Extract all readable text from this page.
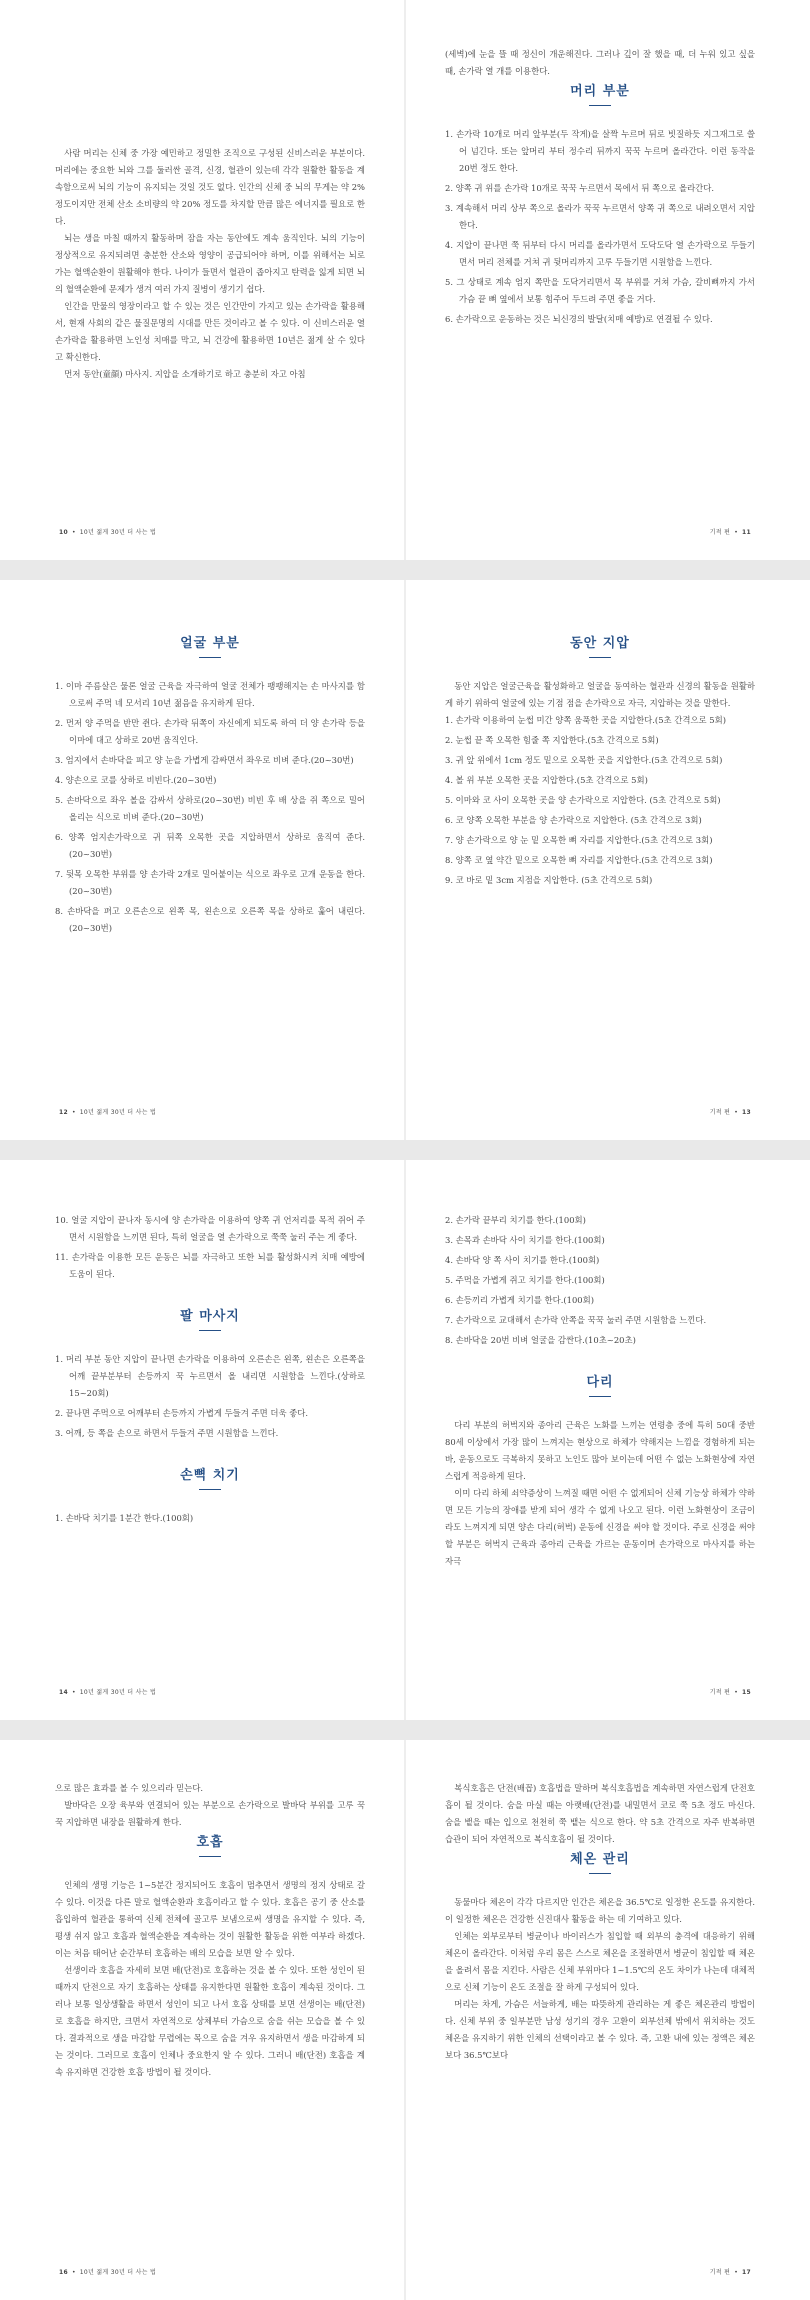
사람 머리는 신체 중 가장 예민하고 정밀한 조직으로 구성된 신비스러운 부분이다. 머리에는 중요한 뇌와 그를 둘러싼 골격, 신경, 혈관이 있는데 각각 원활한 활동을 계속함으로써 뇌의 기능이 유지되는 것일 것도 없다. 인간의 신체 중 뇌의 무게는 약 2% 정도이지만 전체 산소 소비량의 약 20% 정도를 차지할 만큼 많은 에너지를 필요로 한다.

뇌는 생을 마칠 때까지 활동하며 잠을 자는 동안에도 계속 움직인다. 뇌의 기능이 정상적으로 유지되려면 충분한 산소와 영양이 공급되어야 하며, 이를 위해서는 뇌로 가는 혈액순환이 원활해야 한다. 나이가 들면서 혈관이 좁아지고 탄력을 잃게 되면 뇌의 혈액순환에 문제가 생겨 여러 가지 질병이 생기기 쉽다.

인간을 만물의 영장이라고 할 수 있는 것은 인간만이 가지고 있는 손가락을 활용해서, 현재 사회의 같은 물질문명의 시대를 만든 것이라고 볼 수 있다. 이 신비스러운 열 손가락을 활용하면 노인성 치매를 막고, 뇌 건강에 활용하면 10년은 젊게 살 수 있다고 확신한다.

먼저 동안(童顔) 마사지. 지압을 소개하기로 하고 충분히 자고 아침

10 • 10년 젊게 30년 더 사는 법

(세벽)에 눈을 뜰 때 정신이 개운해진다. 그러나 깊이 잘 했을 때, 더 누워 있고 싶을 때, 손가락 열 개를 이용한다.

머리 부분
1. 손가락 10개로 머리 앞부분(두 작게)을 살짝 누르며 뒤로 빗질하듯 지그재그로 쓸어 넘긴다. 또는 앞머리 부터 정수리 뒤까지 꾹꾹 누르며 올라간다. 이런 동작을 20번 정도 한다.
2. 양쪽 귀 위를 손가락 10개로 꾹꾹 누르면서 목에서 뒤 쪽으로 올라간다.
3. 계속해서 머리 상부 쪽으로 올라가 꾹꾹 누르면서 양쪽 귀 쪽으로 내려오면서 지압한다.
4. 지압이 끝나면 쭉 뒤부터 다시 머리를 올라가면서 도닥도닥 열 손가락으로 두들기면서 머리 전체를 거쳐 귀 뒷머리까지 고루 두들기면 시원함을 느낀다.
5. 그 상태로 계속 엄지 쪽만을 도닥거리면서 목 부위를 거쳐 가슴, 갈비뼈까지 가서 가슴 끝 뼈 옆에서 보통 힘주어 두드려 주면 좋을 거다.
6. 손가락으로 운동하는 것은 뇌신경의 발달(치매 예방)로 연결될 수 있다.
기적 편 • 11
얼굴 부분
1. 이마 주름살은 물론 얼굴 근육을 자극하여 얼굴 전체가 팽팽해지는 손 마사지를 함으로써 주먹 네 모서리 10년 젊음을 유지하게 된다.
2. 먼저 양 주먹을 반만 쥔다. 손가락 뒤쪽이 자신에게 되도록 하여 더 양 손가락 등을 이마에 대고 상하로 20번 움직인다.
3. 엄지에서 손바닥을 피고 양 눈을 가볍게 감싸면서 좌우로 비벼 준다.(20~30번)
4. 양손으로 코를 상하로 비빈다.(20~30번)
5. 손바닥으로 좌우 볼을 감싸서 상하로(20~30번) 비빈 후 배 상을 쥐 쪽으로 밀어 올리는 식으로 비벼 준다.(20~30번)
6. 양쪽 엄지손가락으로 귀 뒤쪽 오목한 곳을 지압하면서 상하로 움직여 준다.(20~30번)
7. 뒷목 오목한 부위를 양 손가락 2개로 밀어붙이는 식으로 좌우로 고개 운동을 한다.(20~30번)
8. 손바닥을 펴고 오른손으로 왼쪽 목, 왼손으로 오른쪽 목을 상하로 훑어 내린다.(20~30번)
12 • 10년 젊게 30년 더 사는 법
동안 지압

동안 지압은 얼굴근육을 활성화하고 얼굴을 동여하는 혈관과 신경의 활동을 원활하게 하기 위하여 얼굴에 있는 기점 점을 손가락으로 자극, 지압하는 것을 말한다.

1. 손가락 이용하여 눈썹 미간 양쪽 움푹한 곳을 지압한다.(5초 간격으로 5회)
2. 눈썹 끝 쪽 오목한 힘줄 쪽 지압한다.(5초 간격으로 5회)
3. 귀 앞 위에서 1cm 정도 밑으로 오목한 곳을 지압한다.(5초 간격으로 5회)
4. 볼 위 부분 오목한 곳을 지압한다.(5초 간격으로 5회)
5. 이마와 코 사이 오목한 곳을 양 손가락으로 지압한다. (5초 간격으로 5회)
6. 코 양쪽 오목한 부분을 양 손가락으로 지압한다. (5초 간격으로 3회)
7. 양 손가락으로 양 눈 밑 오목한 뼈 자리를 지압한다.(5초 간격으로 3회)
8. 양쪽 코 옆 약간 밑으로 오목한 뼈 자리를 지압한다.(5초 간격으로 3회)
9. 코 바로 밑 3cm 지점을 지압한다. (5초 간격으로 5회)
기적 편 • 13
10. 얼굴 지압이 끝나자 동시에 양 손가락을 이용하여 양쪽 귀 언저리를 목적 쥐어 주면서 시원함을 느끼면 된다, 특히 얼굴을 열 손가락으로 쭉쭉 눌러 주는 게 좋다.
11. 손가락을 이용한 모든 운동은 뇌를 자극하고 또한 뇌를 활성화시켜 치매 예방에 도움이 된다.
팔 마사지
1. 머리 부분 동안 지압이 끝나면 손가락을 이용하여 오른손은 왼쪽, 왼손은 오른쪽을 어깨 끝부분부터 손등까지 꾹 누르면서 올 내리면 시원함을 느낀다.(상하로 15~20회)
2. 끝나면 주먹으로 어깨부터 손등까지 가볍게 두들겨 주면 더욱 좋다.
3. 어깨, 등 쪽을 손으로 하면서 두들겨 주면 시원함을 느낀다.
손뼉 치기
1. 손바닥 치기를 1분간 한다.(100회)
14 • 10년 젊게 30년 더 사는 법
2. 손가락 끝부리 치기를 한다.(100회)
3. 손목과 손바닥 사이 치기를 한다.(100회)
4. 손바닥 양 쪽 사이 치기를 한다.(100회)
5. 주먹을 가볍게 쥐고 치기를 한다.(100회)
6. 손등끼리 가볍게 치기를 한다.(100회)
7. 손가락으로 교대해서 손가락 안쪽을 꾹꾹 눌러 주면 시원함을 느낀다.
8. 손바닥을 20번 비벼 얼굴을 감싼다.(10초~20초)
다리

다리 부분의 허벅지와 종아리 근육은 노화를 느끼는 연령층 중에 특히 50대 중반 80세 이상에서 가장 많이 느껴지는 현상으로 하체가 약해지는 느낌을 경험하게 되는 바, 운동으로도 극복하지 못하고 노인도 많아 보이는데 어떤 수 없는 노화현상에 자연스럽게 적응하게 된다.

이미 다리 하체 쇠약증상이 느껴질 때면 어떤 수 없게되어 신체 기능상 하체가 약하면 모든 기능의 장애를 받게 되어 생각 수 없게 나오고 된다. 이런 노화현상이 조금이라도 느껴지게 되면 양손 다리(허벅) 운동에 신경을 써야 할 것이다. 주로 신경을 써야 할 부분은 허벅지 근육과 종아리 근육을 가르는 운동이며 손가락으로 마사지를 하는 자극

기적 편 • 15

으로 많은 효과를 볼 수 있으리라 믿는다.

발바닥은 오장 육부와 연결되어 있는 부분으로 손가락으로 발바닥 부위를 고루 꾹꾹 지압하면 내장을 원활하게 한다.

호흡

인체의 생명 기능은 1~5분간 정지되어도 호흡이 멈추면서 생명의 정지 상태로 갈 수 있다. 이것을 다른 말로 혈액순환과 호흡이라고 할 수 있다. 호흡은 공기 중 산소를 흡입하여 혈관을 통하여 신체 전체에 골고루 보냄으로써 생명을 유지할 수 있다. 즉, 평생 쉬지 않고 호흡과 혈액순환을 계속하는 것이 원활한 활동을 위한 여부라 하겠다. 이는 처음 태어난 순간부터 호흡하는 배의 모습을 보면 알 수 있다.

선생이라 호흡을 자세히 보면 배(단전)로 호흡하는 것을 볼 수 있다. 또한 성인이 된 때까지 단전으로 자기 호흡하는 상태를 유지한다면 원활한 호흡이 계속된 것이다. 그러나 보통 일상생활을 하면서 성인이 되고 나서 호흡 상태를 보면 선생이는 배(단전)로 호흡을 하지만, 크면서 자연적으로 상체부터 가슴으로 숨을 쉬는 모습을 볼 수 있다. 결과적으로 생을 마감할 무렵에는 목으로 숨을 겨우 유지하면서 생을 마감하게 되는 것이다. 그러므로 호흡이 인체나 중요한지 알 수 있다. 그러니 배(단전) 호흡을 계속 유지하면 건강한 호흡 방법이 될 것이다.

16 • 10년 젊게 30년 더 사는 법

복식호흡은 단전(배꼽) 호흡법을 말하며 복식호흡법을 계속하면 자연스럽게 단전호흡이 될 것이다. 숨을 마실 때는 아랫배(단전)를 내밀면서 코로 쭉 5초 정도 마신다. 숨을 뱉을 때는 입으로 천천히 쭉 뱉는 식으로 한다. 약 5초 간격으로 자주 반복하면 습관이 되어 자연적으로 복식호흡이 될 것이다.

체온 관리

동물마다 체온이 각각 다르지만 인간은 체온을 36.5℃로 일정한 온도를 유지한다. 이 일정한 체온은 건강한 신진대사 활동을 하는 데 기여하고 있다.

인체는 외부로부터 병균이나 바이러스가 침입할 때 외부의 충격에 대응하기 위해 체온이 올라간다. 이처럼 우리 몸은 스스로 체온을 조절하면서 병균이 침입할 때 체온을 올려서 몸을 지킨다. 사람은 신체 부위마다 1~1.5℃의 온도 차이가 나는데 대체적으로 신체 기능이 온도 조절을 잘 하게 구성되어 있다.

머리는 차게, 가슴은 서늘하게, 배는 따뜻하게 관리하는 게 좋은 체온관리 방법이다. 신체 부위 중 일부분만 남성 성기의 경우 고환이 외부선체 밖에서 위치하는 것도 체온을 유지하기 위한 인체의 선택이라고 볼 수 있다. 즉, 고환 내에 있는 정액은 체온보다 36.5℃보다

기적 편 • 17
